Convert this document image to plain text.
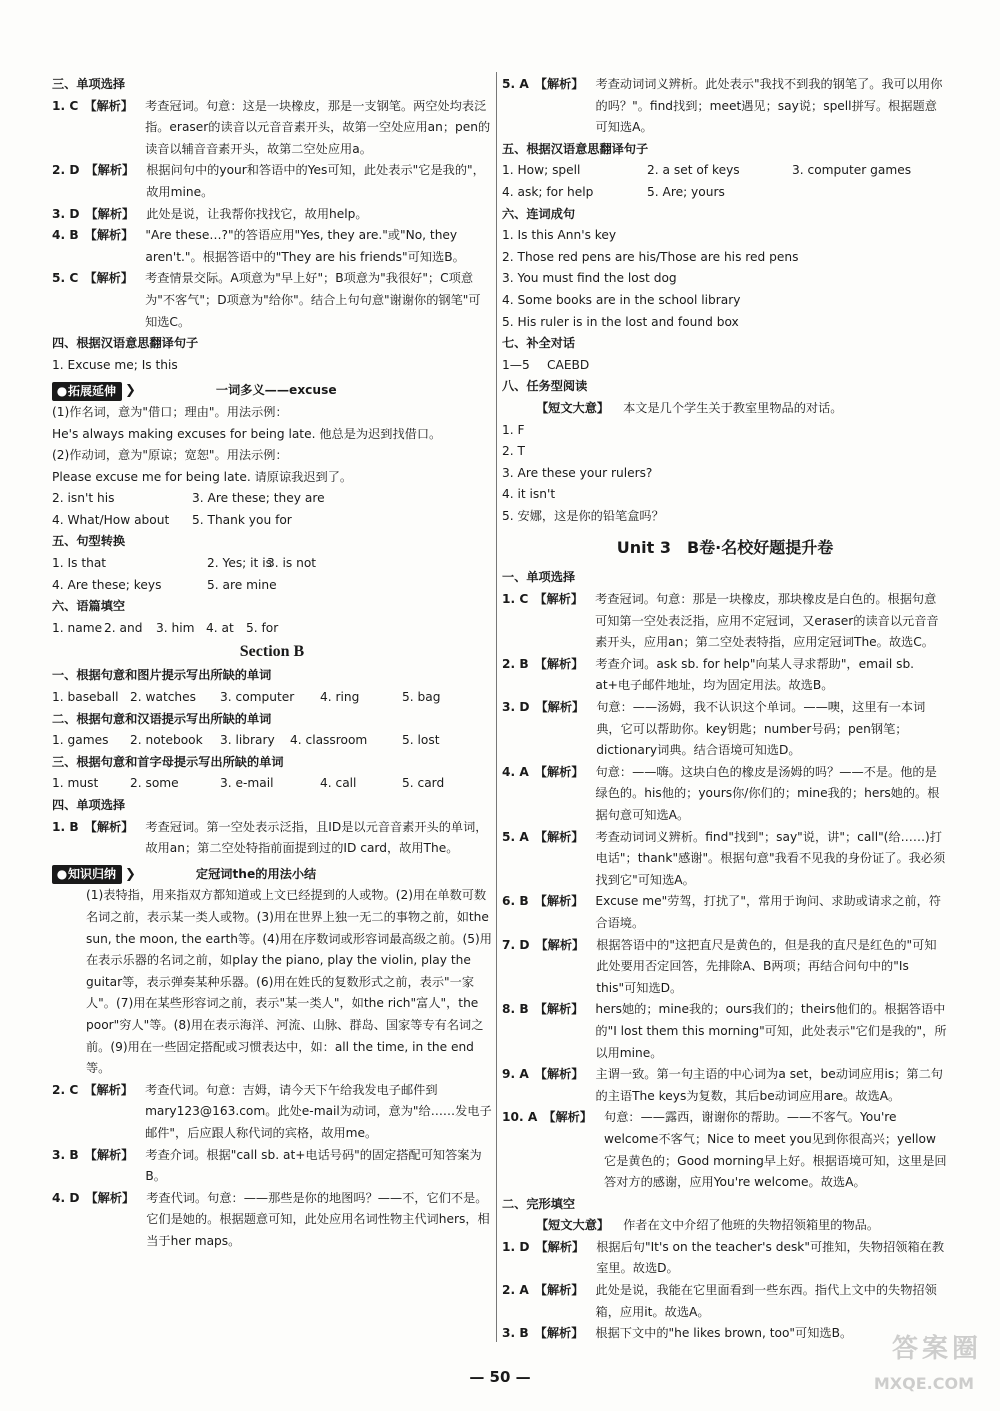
三、单项选择
1. C 【解析】 考查冠词。句意：这是一块橡皮，那是一支钢笔。两空处均表泛指。eraser的读音以元音音素开头，故第一空处应用an；pen的读音以辅音音素开头，故第二空处应用a。
2. D 【解析】 根据问句中的your和答语中的Yes可知，此处表示"它是我的"，故用mine。
3. D 【解析】 此处是说，让我帮你找找它，故用help。
4. B 【解析】 "Are these…?"的答语应用"Yes, they are."或"No, they aren't."。根据答语中的"They are his friends"可知选B。
5. C 【解析】 考查情景交际。A项意为"早上好"；B项意为"我很好"；C项意为"不客气"；D项意为"给你"。结合上句句意"谢谢你的钢笔"可知选C。
四、根据汉语意思翻译句子
1. Excuse me; Is this
●拓展延伸 ❯	一词多义——excuse
(1)作名词，意为"借口；理由"。用法示例：
He's always making excuses for being late. 他总是为迟到找借口。
(2)作动词，意为"原谅；宽恕"。用法示例：
Please excuse me for being late. 请原谅我迟到了。
2. isn't his	3. Are these; they are
4. What/How about	5. Thank you for
五、句型转换
1. Is that	2. Yes; it is
3. is not
4. Are these; keys	5. are mine
六、语篇填空
1. name 2. and	3. him 4. at	5. for
Section B
一、根据句意和图片提示写出所缺的单词
1. baseball 2. watches	3. computer	4. ring	5. bag
二、根据句意和汉语提示写出所缺的单词
1. games	2. notebook	3. library	4. classroom	5. lost
三、根据句意和首字母提示写出所缺的单词
1. must	2. some	3. e-mail	4. call	5. card
四、单项选择
1. B 【解析】 考查冠词。第一空处表示泛指，且ID是以元音音素开头的单词，故用an；第二空处特指前面提到过的ID card，故用The。
●知识归纳 ❯	定冠词the的用法小结
(1)表特指，用来指双方都知道或上文已经提到的人或物。(2)用在单数可数名词之前，表示某一类人或物。(3)用在世界上独一无二的事物之前，如the sun, the moon, the earth等。(4)用在序数词或形容词最高级之前。(5)用在表示乐器的名词之前，如play the piano, play the violin, play the guitar等，表示弹奏某种乐器。(6)用在姓氏的复数形式之前，表示"一家人"。(7)用在某些形容词之前，表示"某一类人"，如the rich"富人"，the poor"穷人"等。(8)用在表示海洋、河流、山脉、群岛、国家等专有名词之前。(9)用在一些固定搭配或习惯表达中，如：all the time, in the end等。
2. C 【解析】 考查代词。句意：吉姆，请今天下午给我发电子邮件到mary123@163.com。此处e-mail为动词，意为"给……发电子邮件"，后应跟人称代词的宾格，故用me。
3. B 【解析】 考查介词。根据"call sb. at+电话号码"的固定搭配可知答案为B。
4. D 【解析】 考查代词。句意：——那些是你的地图吗？——不，它们不是。它们是她的。根据题意可知，此处应用名词性物主代词hers，相当于her maps。
5. A 【解析】 考查动词词义辨析。此处表示"我找不到我的钢笔了。我可以用你的吗？"。find找到；meet遇见；say说；spell拼写。根据题意可知选A。
五、根据汉语意思翻译句子
1. How; spell	2. a set of keys	3. computer games
4. ask; for help	5. Are; yours
六、连词成句
1. Is this Ann's key
2. Those red pens are his/Those are his red pens
3. You must find the lost dog
4. Some books are in the school library
5. His ruler is in the lost and found box
七、补全对话
1—5	CAEBD
八、任务型阅读
【短文大意】 本文是几个学生关于教室里物品的对话。
1. F
2. T
3. Are these your rulers?
4. it isn't
5. 安娜，这是你的铅笔盒吗？
Unit 3　B卷·名校好题提升卷
一、单项选择
1. C 【解析】 考查冠词。句意：那是一块橡皮，那块橡皮是白色的。根据句意可知第一空处表泛指，应用不定冠词，又eraser的读音以元音音素开头，应用an；第二空处表特指，应用定冠词The。故选C。
2. B 【解析】 考查介词。ask sb. for help"向某人寻求帮助"，email sb. at+电子邮件地址，均为固定用法。故选B。
3. D 【解析】 句意：——汤姆，我不认识这个单词。——噢，这里有一本词典，它可以帮助你。key钥匙；number号码；pen钢笔；dictionary词典。结合语境可知选D。
4. A 【解析】 句意：——嗨。这块白色的橡皮是汤姆的吗？——不是。他的是绿色的。his他的；yours你/你们的；mine我的；hers她的。根据句意可知选A。
5. A 【解析】 考查动词词义辨析。find"找到"；say"说，讲"；call"(给……)打电话"；thank"感谢"。根据句意"我看不见我的身份证了。我必须找到它"可知选A。
6. B 【解析】 Excuse me"劳驾，打扰了"，常用于询问、求助或请求之前，符合语境。
7. D 【解析】 根据答语中的"这把直尺是黄色的，但是我的直尺是红色的"可知此处要用否定回答，先排除A、B两项；再结合问句中的"Is this"可知选D。
8. B 【解析】 hers她的；mine我的；ours我们的；theirs他们的。根据答语中的"I lost them this morning"可知，此处表示"它们是我的"，所以用mine。
9. A 【解析】 主谓一致。第一句主语的中心词为a set，be动词应用is；第二句的主语The keys为复数，其后be动词应用are。故选A。
10. A 【解析】 句意：——露西，谢谢你的帮助。——不客气。You're welcome不客气；Nice to meet you见到你很高兴；yellow它是黄色的；Good morning早上好。根据语境可知，这里是回答对方的感谢，应用You're welcome。故选A。
二、完形填空
【短文大意】 作者在文中介绍了他班的失物招领箱里的物品。
1. D 【解析】 根据后句"It's on the teacher's desk"可推知，失物招领箱在教室里。故选D。
2. A 【解析】 此处是说，我能在它里面看到一些东西。指代上文中的失物招领箱，应用it。故选A。
3. B 【解析】 根据下文中的"he likes brown, too"可知选B。
— 50 —
答案圈
MXQE.COM
